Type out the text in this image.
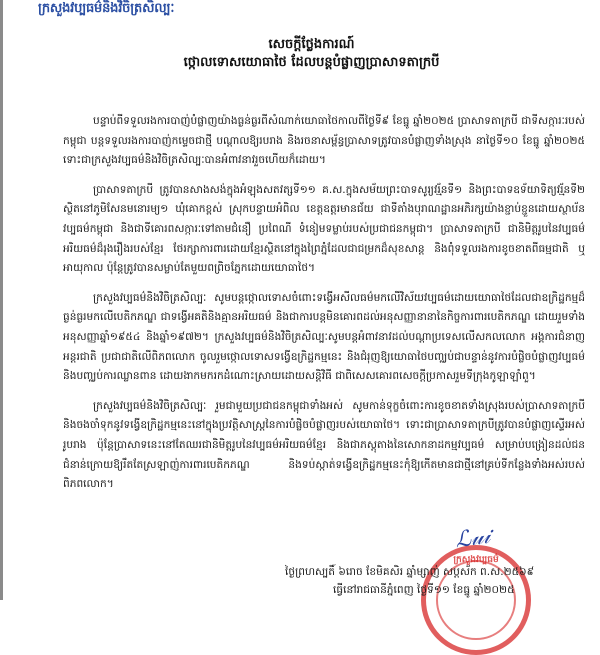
ក្រសួងវប្បធម៌និងវិចិត្រសិល្បៈ
សេចក្តីថ្លែងការណ៍
ថ្កោលទោសយោធាថៃ ដែលបន្តបំផ្លាញប្រាសាទតាក្របី

បន្ទាប់ពីទទួលរងការបាញ់បំផ្លាញយ៉ាងធ្ងន់ធ្ងរពីសំណាក់យោធាថៃកាលពីថ្ងៃទី៩ ខែធ្នូ ឆ្នាំ២០២៥ ប្រាសាទតាក្របី ជាទីសក្ការៈរបស់កម្ពុជា បន្តទទួលរងការបាញ់កម្ទេចជាថ្មី បណ្តាលឱ្យរបរាង និងរចនាសម្ព័ន្ធប្រាសាទត្រូវបានបំផ្លាញទាំងស្រុង នាថ្ងៃទី១០ ខែធ្នូ ឆ្នាំ២០២៥ ទោះជាក្រសួងវប្បធម៌និងវិចិត្រសិល្បៈបានអំពាវនាវរួចហើយក៏ដោយ។

ប្រាសាទតាក្របី ត្រូវបានសាងសង់ក្នុងអំឡុងសតវត្សទី១១ គ.ស.ក្នុងសម័យព្រះបាទសូរ្យវរ្ម័នទី១ និងព្រះបាទឧទ័យាទិត្យវរ្ម័នទី២ ស្ថិតនៅភូមិសែនមនោរម្យ១ ឃុំគោកខ្ពស់ ស្រុកបន្ទាយអំពិល ខេត្តឧត្តរមានជ័យ ជាទីតាំងបុរាណដ្ឋានអភិរក្សយ៉ាងខ្ជាប់ខ្ជួនដោយស្ថាប័នវប្បធម៌កម្ពុជា និងជាទីគោរពសក្ការៈទៅតាមជំនឿ ប្រពៃណី ទំនៀមទម្លាប់របស់ប្រជាជនកម្ពុជា។ ប្រាសាទតាក្របី ជានិមិត្តរូបនៃវប្បធម៌អរិយធម៌ដ៏រុងរឿងរបស់ខ្មែរ ថែរក្សាការពារដោយខ្មែរស្ថិតនៅក្នុងព្រៃភ្នំដែលជាជម្រកដ៏សុខសាន្ត និងពុំទទួលរងការខូចខាតពីធម្មជាតិ ឬអាយុកាល ប៉ុន្តែត្រូវបានសម្លាប់តែមួយពព្រិចភ្នែកដោយយោធាថៃ។

ក្រសួងវប្បធម៌និងវិចិត្រសិល្បៈ សូមបន្តថ្កោលទោសចំពោះទង្វើអសីលធម៌មកលើវិស័យវប្បធម៌ដោយយោធាថៃដែលជាឧក្រិដ្ឋកម្មដ៏ធ្ងន់ធ្ងរមកលើបេតិកភណ្ឌ ជាទង្វើអគតិនិងគ្មានអរិយធម៌ និងជាការបន្តមិនគោរពដល់អនុសញ្ញានានានៃកិច្ចការពារបេតិកភណ្ឌ ដោយរួមទាំងអនុសញ្ញាឆ្នាំ១៩៥៤ និងឆ្នាំ១៩៧២។ ក្រសួងវប្បធម៌និងវិចិត្រសិល្បៈសូមបន្តអំពាវនាវដល់បណ្តាប្រទេសលើសកលលោក អង្គការជំនាញអន្តរជាតិ ប្រជាជាតិលើពិភពលោក ចូលរួមថ្កោលទោសទង្វើឧក្រិដ្ឋកម្មនេះ និងជំរុញឱ្យយោធាថៃបញ្ឈប់ជាបន្ទាន់នូវការបំផ្លិចបំផ្លាញវប្បធម៌ និងបញ្ឈប់ការឈ្លានពាន ដោយងាកមករកដំណោះស្រាយដោយសន្តិវិធី ជាពិសេសគោរពសេចក្តីប្រកាសរួមទីក្រុងកូឡាឡាំពួ។

ក្រសួងវប្បធម៌និងវិចិត្រសិល្បៈ រួមជាមួយប្រជាជនកម្ពុជាទាំងអស់ សូមកាន់ទុក្ខចំពោះការខូចខាតទាំងស្រុងរបស់ប្រាសាទតាក្របី និងចងចាំទុកនូវទង្វើឧក្រិដ្ឋកម្មនេះនៅក្នុងប្រវត្តិសាស្ត្រនៃការបំផ្លិចបំផ្លាញរបស់យោធាថៃ។ ទោះជាប្រាសាទតាក្របីត្រូវបានបំផ្លាញស្ទើរអស់រូបរាង ប៉ុន្តែប្រាសាទនេះនៅតែឈរជានិមិត្តរូបនៃវប្បធម៌អរិយធម៌ខ្មែរ និងជាភស្តុតាងនៃសោកនាដកម្មវប្បធម៌ សម្រាប់បង្រៀនដល់ជនជំនាន់ក្រោយឱ្យរឹតតែស្រឡាញ់ការពារបេតិកភណ្ឌ និងទប់ស្កាត់ទង្វើឧក្រិដ្ឋកម្មនេះកុំឱ្យកើតមានជាថ្មីនៅគ្រប់ទីកន្លែងទាំងអស់របស់ពិភពលោក។

ក្រសួងវប្បធម៌
ℒ𝓊𝒾
ថ្ងៃព្រហស្បតិ៍ ៦រោច ខែមិគសិរ ឆ្នាំម្សាញ់ សប្តស័ក ព.ស.២៥៦៩
ធ្វើនៅរាជធានីភ្នំពេញ ថ្ងៃទី១១ ខែធ្នូ ឆ្នាំ២០២៥
